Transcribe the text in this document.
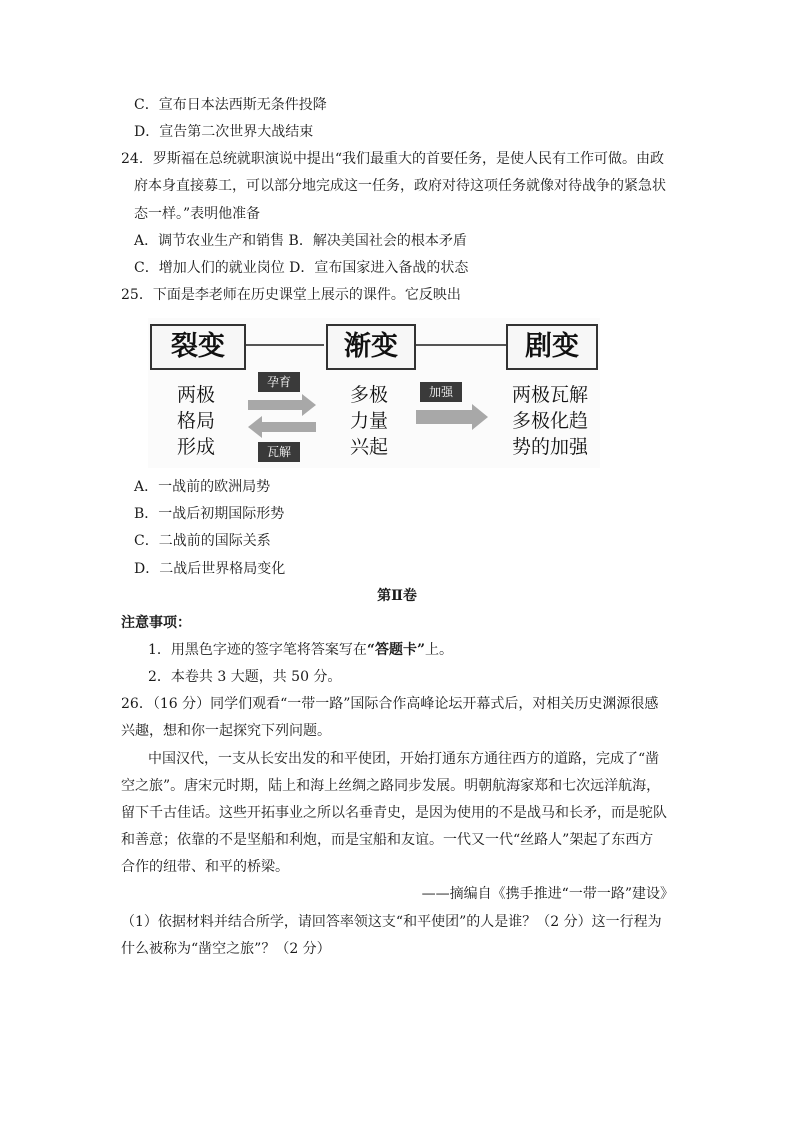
C．宣布日本法西斯无条件投降
D．宣告第二次世界大战结束
24．罗斯福在总统就职演说中提出“我们最重大的首要任务，是使人民有工作可做。由政
府本身直接募工，可以部分地完成这一任务，政府对待这项任务就像对待战争的紧急状
态一样。”表明他准备
A．调节农业生产和销售 B．解决美国社会的根本矛盾
C．增加人们的就业岗位 D．宣布国家进入备战的状态
25．下面是李老师在历史课堂上展示的课件。它反映出
裂变	渐变	剧变
两极
格局
形成
多极
力量
兴起
两极瓦解
多极化趋
势的加强
孕育
瓦解
加强
A．一战前的欧洲局势
B．一战后初期国际形势
C．二战前的国际关系
D．二战后世界格局变化
第Ⅱ卷
注意事项：
1．用黑色字迹的签字笔将答案写在“答题卡”上。
2．本卷共 3 大题，共 50 分。
26．（16 分）同学们观看“一带一路”国际合作高峰论坛开幕式后，对相关历史渊源很感
兴趣，想和你一起探究下列问题。
中国汉代，一支从长安出发的和平使团，开始打通东方通往西方的道路，完成了“凿
空之旅”。唐宋元时期，陆上和海上丝绸之路同步发展。明朝航海家郑和七次远洋航海，
留下千古佳话。这些开拓事业之所以名垂青史，是因为使用的不是战马和长矛，而是驼队
和善意；依靠的不是坚船和利炮，而是宝船和友谊。一代又一代“丝路人”架起了东西方
合作的纽带、和平的桥梁。
——摘编自《携手推进“一带一路”建设》
（1）依据材料并结合所学，请回答率领这支“和平使团”的人是谁？（2 分）这一行程为
什么被称为“凿空之旅”？（2 分）
